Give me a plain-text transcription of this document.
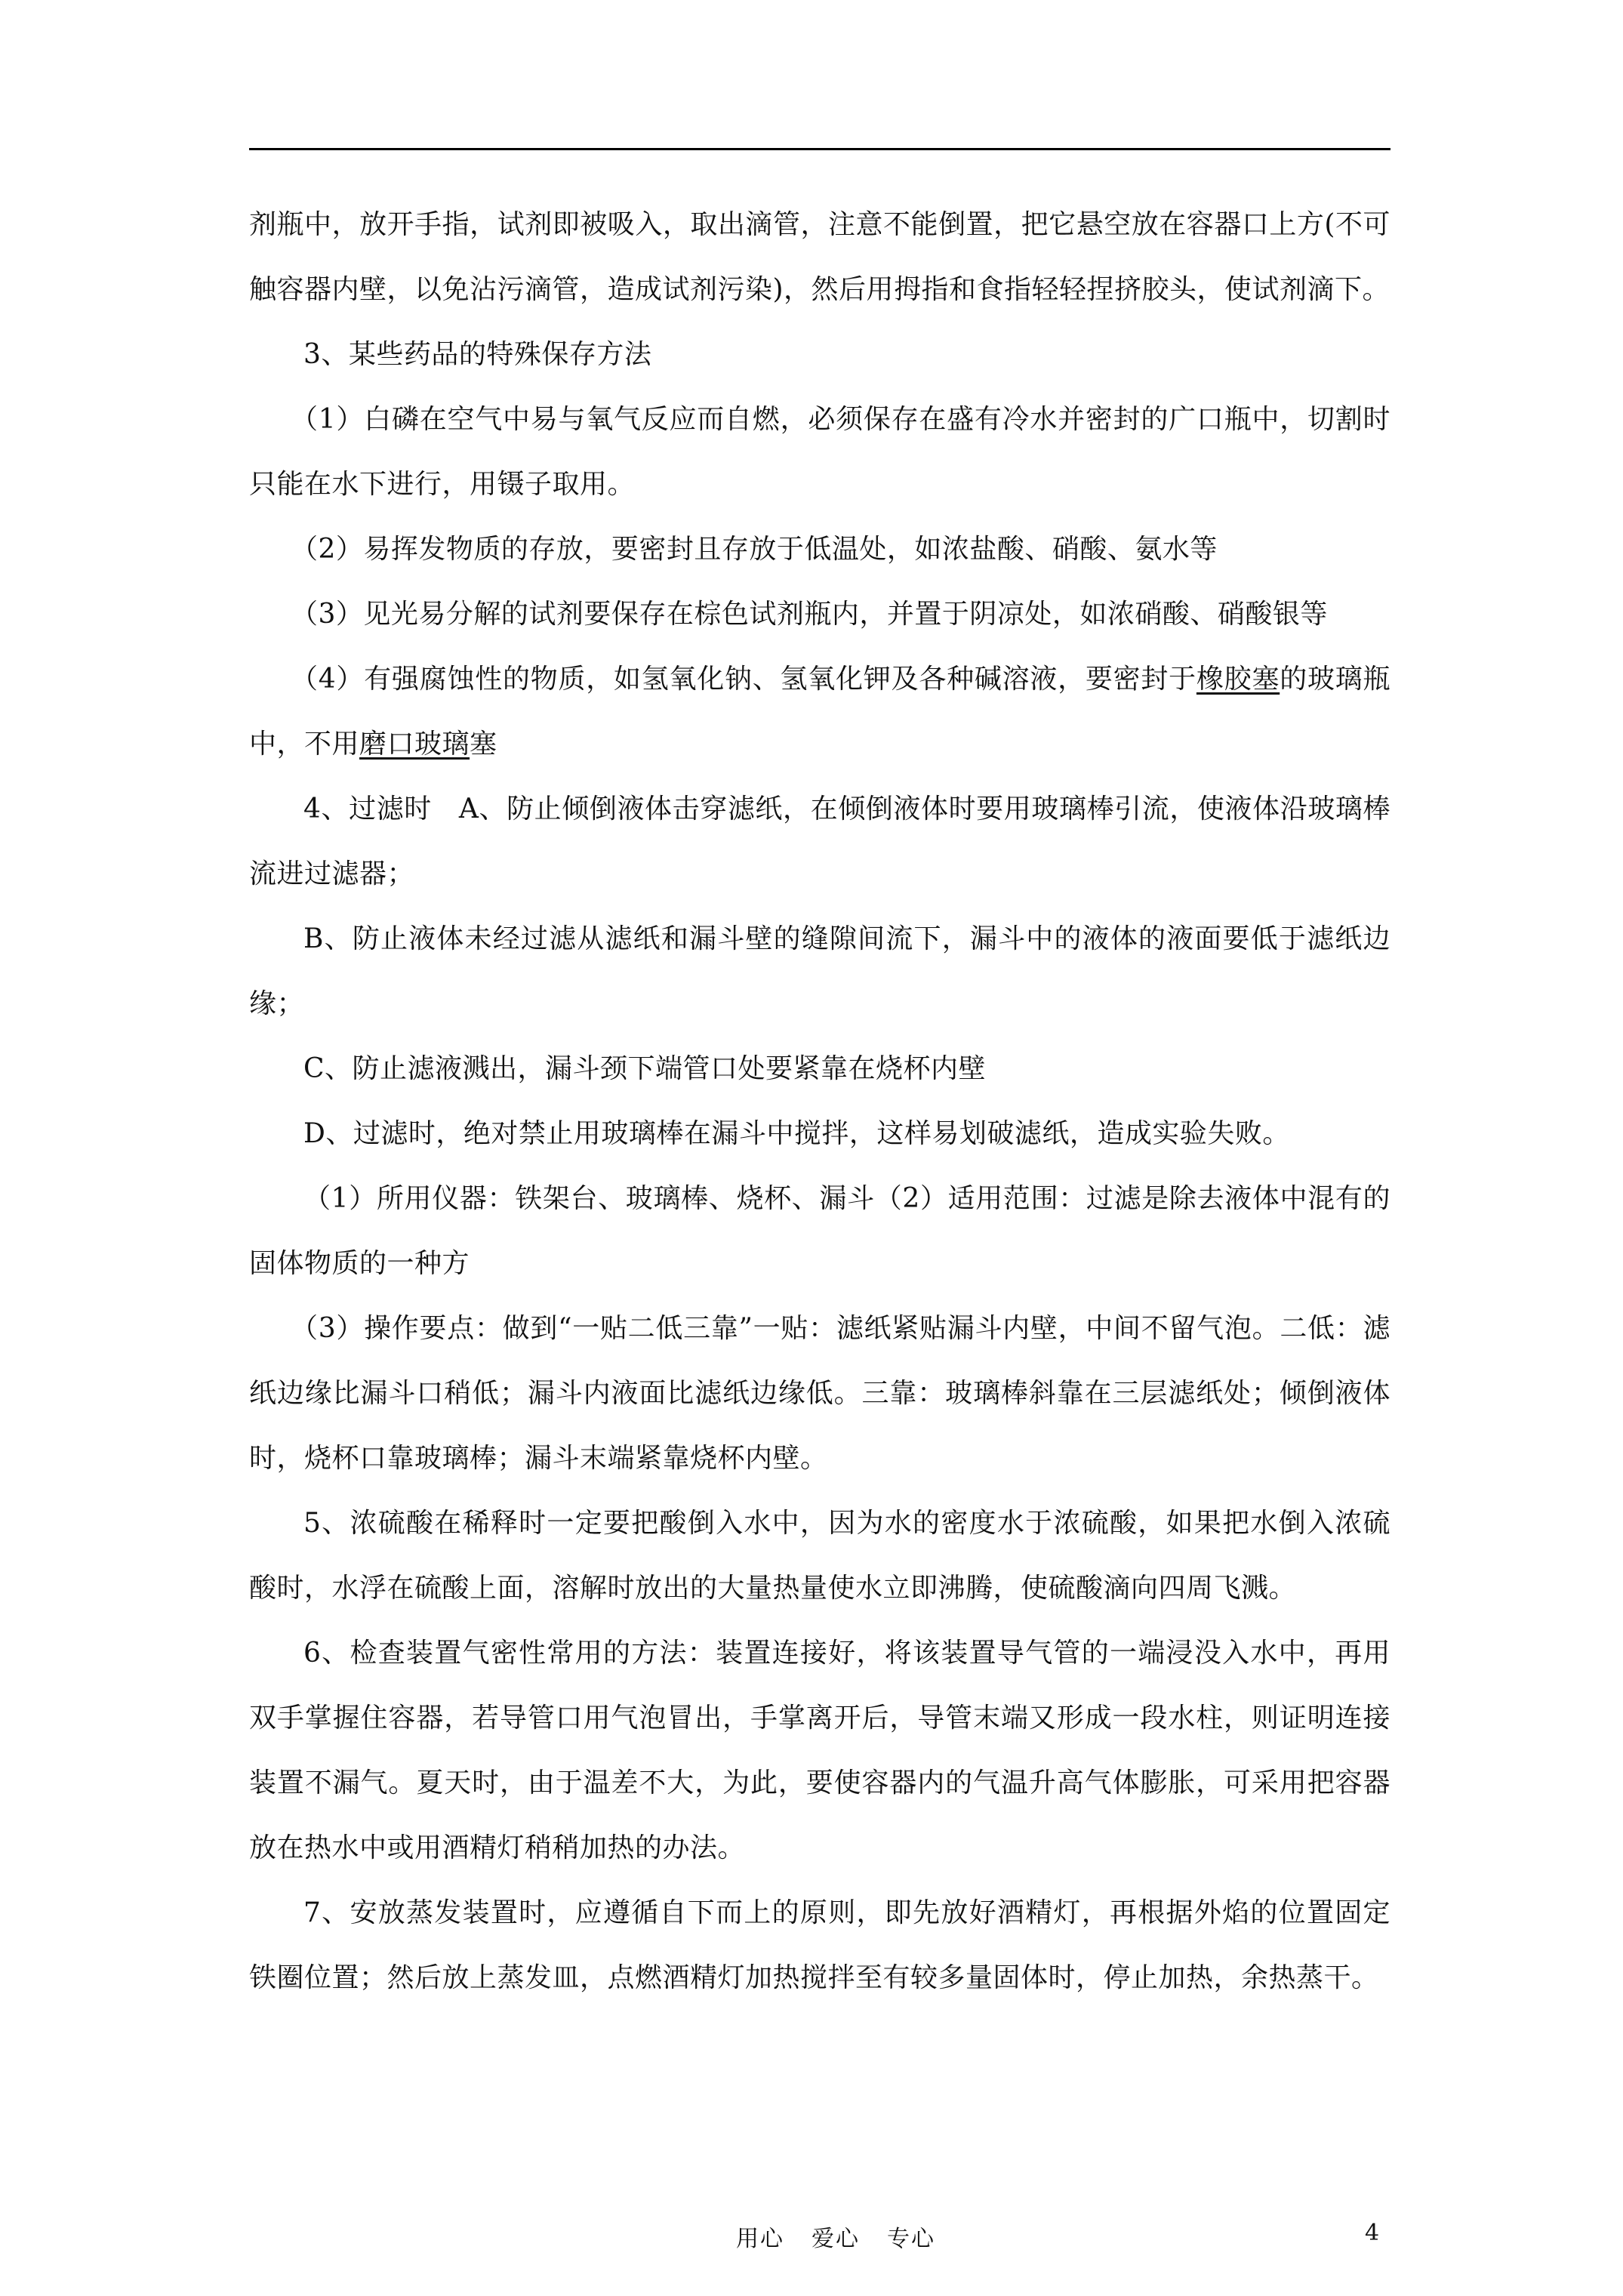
剂瓶中，放开手指，试剂即被吸入，取出滴管，注意不能倒置，把它悬空放在容器口上方(不可触容器内壁，以免沾污滴管，造成试剂污染)，然后用拇指和食指轻轻捏挤胶头，使试剂滴下。

3、某些药品的特殊保存方法

（1）白磷在空气中易与氧气反应而自燃，必须保存在盛有冷水并密封的广口瓶中，切割时只能在水下进行，用镊子取用。

（2）易挥发物质的存放，要密封且存放于低温处，如浓盐酸、硝酸、氨水等

（3）见光易分解的试剂要保存在棕色试剂瓶内，并置于阴凉处，如浓硝酸、硝酸银等

（4）有强腐蚀性的物质，如氢氧化钠、氢氧化钾及各种碱溶液，要密封于橡胶塞的玻璃瓶中，不用磨口玻璃塞

4、过滤时 A、防止倾倒液体击穿滤纸，在倾倒液体时要用玻璃棒引流，使液体沿玻璃棒流进过滤器；

B、防止液体未经过滤从滤纸和漏斗壁的缝隙间流下，漏斗中的液体的液面要低于滤纸边缘；

C、防止滤液溅出，漏斗颈下端管口处要紧靠在烧杯内壁

D、过滤时，绝对禁止用玻璃棒在漏斗中搅拌，这样易划破滤纸，造成实验失败。

（1）所用仪器：铁架台、玻璃棒、烧杯、漏斗（2）适用范围：过滤是除去液体中混有的固体物质的一种方

（3）操作要点：做到“一贴二低三靠”一贴：滤纸紧贴漏斗内壁，中间不留气泡。二低：滤纸边缘比漏斗口稍低；漏斗内液面比滤纸边缘低。三靠：玻璃棒斜靠在三层滤纸处；倾倒液体时，烧杯口靠玻璃棒；漏斗末端紧靠烧杯内壁。

5、浓硫酸在稀释时一定要把酸倒入水中，因为水的密度水于浓硫酸，如果把水倒入浓硫酸时，水浮在硫酸上面，溶解时放出的大量热量使水立即沸腾，使硫酸滴向四周飞溅。

6、检查装置气密性常用的方法：装置连接好，将该装置导气管的一端浸没入水中，再用双手掌握住容器，若导管口用气泡冒出，手掌离开后，导管末端又形成一段水柱，则证明连接装置不漏气。夏天时，由于温差不大，为此，要使容器内的气温升高气体膨胀，可采用把容器放在热水中或用酒精灯稍稍加热的办法。

7、安放蒸发装置时，应遵循自下而上的原则，即先放好酒精灯，再根据外焰的位置固定铁圈位置；然后放上蒸发皿，点燃酒精灯加热搅拌至有较多量固体时，停止加热，余热蒸干。

用心 爱心 专心	4
